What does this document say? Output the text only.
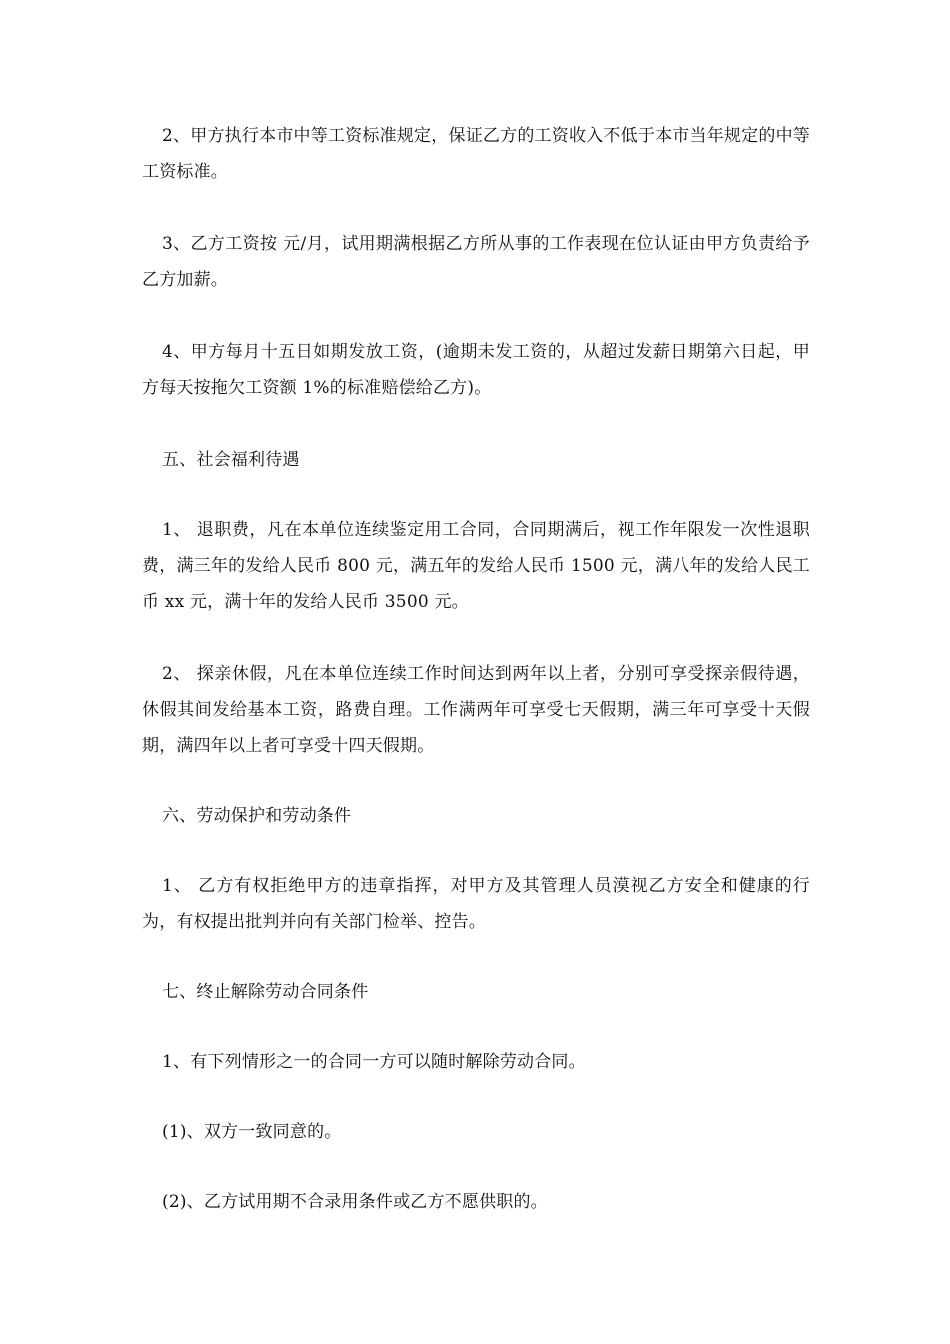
2、甲方执行本市中等工资标准规定，保证乙方的工资收入不低于本市当年规定的中等工资标准。

3、乙方工资按 元/月，试用期满根据乙方所从事的工作表现在位认证由甲方负责给予乙方加薪。

4、甲方每月十五日如期发放工资，(逾期未发工资的，从超过发薪日期第六日起，甲方每天按拖欠工资额 1%的标准赔偿给乙方)。

五、社会福利待遇

1、 退职费，凡在本单位连续鉴定用工合同，合同期满后，视工作年限发一次性退职费，满三年的发给人民币 800 元，满五年的发给人民币 1500 元，满八年的发给人民工币 xx 元，满十年的发给人民币 3500 元。

2、 探亲休假，凡在本单位连续工作时间达到两年以上者，分别可享受探亲假待遇，休假其间发给基本工资，路费自理。工作满两年可享受七天假期，满三年可享受十天假期，满四年以上者可享受十四天假期。

六、劳动保护和劳动条件

1、 乙方有权拒绝甲方的违章指挥，对甲方及其管理人员漠视乙方安全和健康的行为，有权提出批判并向有关部门检举、控告。

七、终止解除劳动合同条件

1、有下列情形之一的合同一方可以随时解除劳动合同。

(1)、双方一致同意的。

(2)、乙方试用期不合录用条件或乙方不愿供职的。
